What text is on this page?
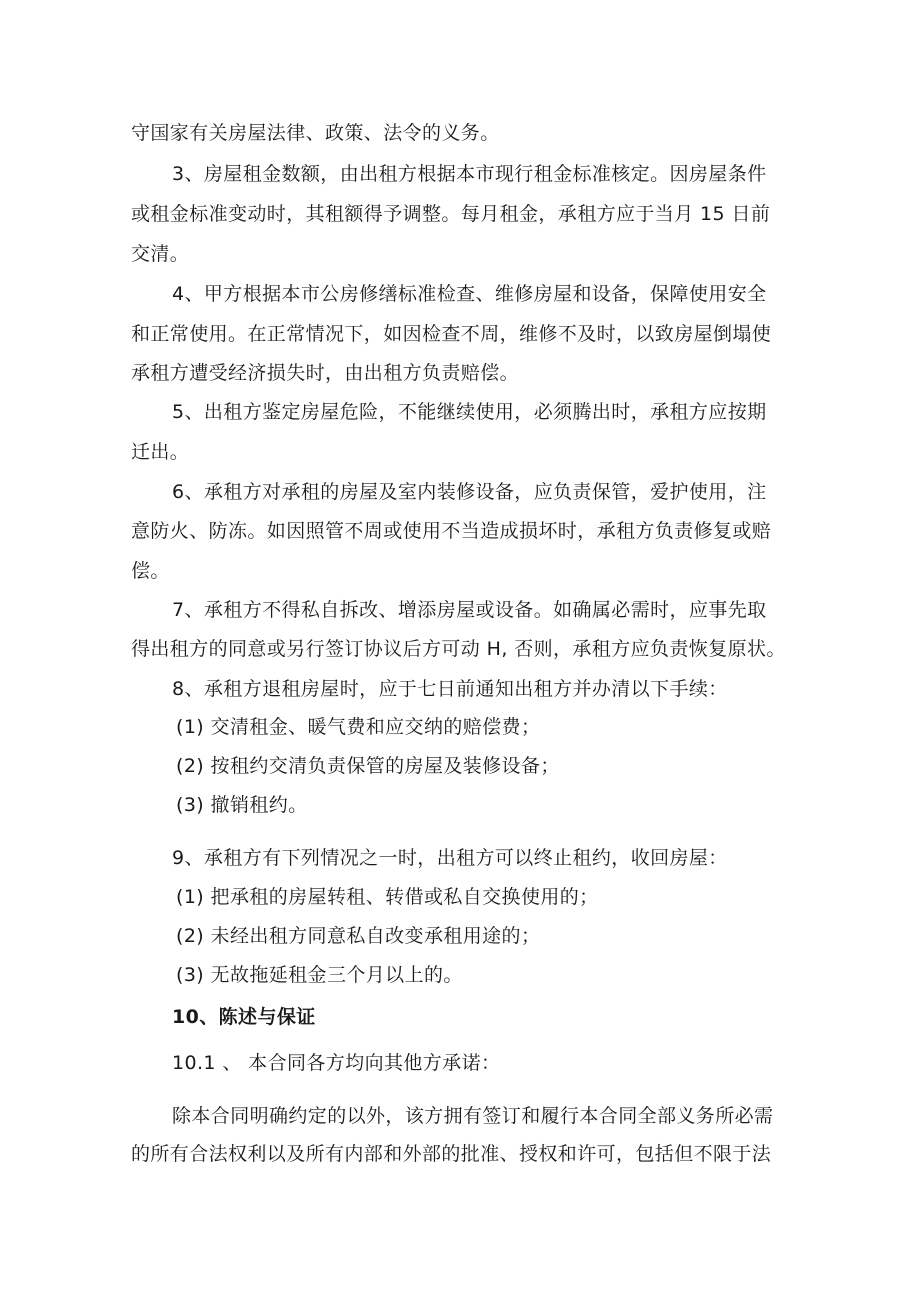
守国家有关房屋法律、政策、法令的义务。
3、房屋租金数额，由出租方根据本市现行租金标准核定。因房屋条件
或租金标准变动时，其租额得予调整。每月租金，承租方应于当月 15 日前
交清。
4、甲方根据本市公房修缮标准检查、维修房屋和设备，保障使用安全
和正常使用。在正常情况下，如因检查不周，维修不及时，以致房屋倒塌使
承租方遭受经济损失时，由出租方负责赔偿。
5、出租方鉴定房屋危险，不能继续使用，必须腾出时，承租方应按期
迁出。
6、承租方对承租的房屋及室内装修设备，应负责保管，爱护使用，注
意防火、防冻。如因照管不周或使用不当造成损坏时，承租方负责修复或赔
偿。
7、承租方不得私自拆改、增添房屋或设备。如确属必需时，应事先取
得出租方的同意或另行签订协议后方可动 H, 否则，承租方应负责恢复原状。
8、承租方退租房屋时，应于七日前通知出租方并办清以下手续：
(1) 交清租金、暖气费和应交纳的赔偿费；
(2) 按租约交清负责保管的房屋及装修设备；
(3) 撤销租约。
9、承租方有下列情况之一时，出租方可以终止租约，收回房屋：
(1) 把承租的房屋转租、转借或私自交换使用的；
(2) 未经出租方同意私自改变承租用途的；
(3) 无故拖延租金三个月以上的。
10、陈述与保证
10.1 、 本合同各方均向其他方承诺：
除本合同明确约定的以外，该方拥有签订和履行本合同全部义务所必需
的所有合法权利以及所有内部和外部的批准、授权和许可，包括但不限于法
